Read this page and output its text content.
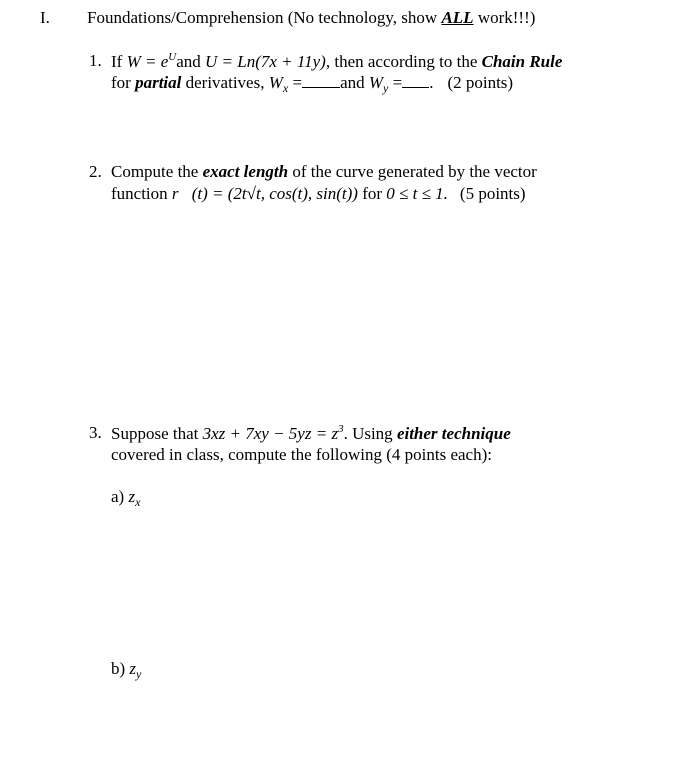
I. Foundations/Comprehension (No technology, show ALL work!!!)
1. If $W = e^Uand$ U = Ln(7x + 11y), then according to the Chain Rule
for partial derivatives, $W_x$ = and $W_y$ = . (2 points)
2. Compute the exact length of the curve generated by the vector
function r⃗(t) = (2t√t, cos(t), sin(t)) for 0 ≤ t ≤ 1. (5 points)
3. Suppose that $3xz + 7xy - 5yz = z^3$. Using either technique
covered in class, compute the following (4 points each):
a) $z_x$
b) $z_y$
